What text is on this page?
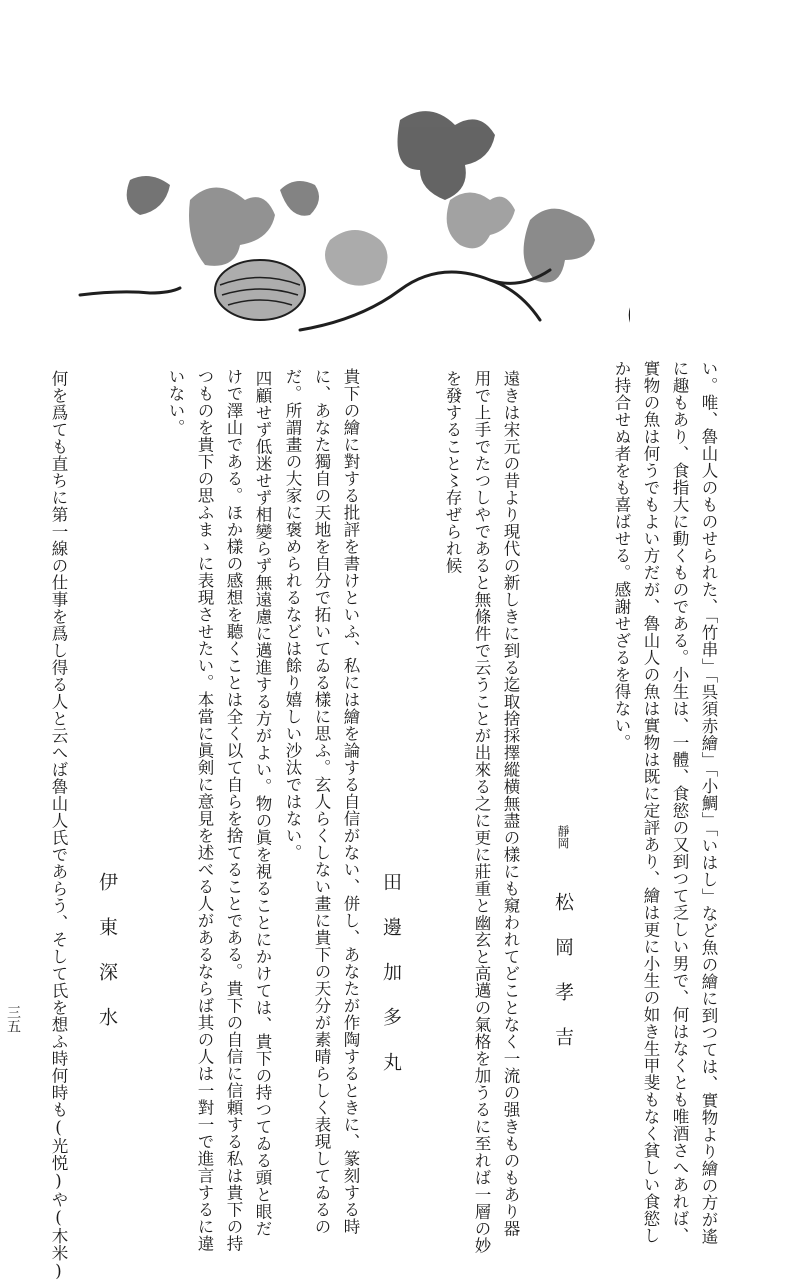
い。唯、魯山人のものせられた、「竹串」「呉須赤繪」「小鯛」「いはし」など魚の繪に到つては、實物より繪の方が遙
に趣もあり、食指大に動くものである。小生は、一體、食慾の又到つて乏しい男で、何はなくとも唯酒さへあれば、
實物の魚は何うでもよい方だが、魯山人の魚は實物は既に定評あり、繪は更に小生の如き生甲斐もなく貧しい食慾し
か持合せぬ者をも喜ばせる。感謝せざるを得ない。
靜岡 松岡孝吉
遠きは宋元の昔より現代の新しきに到る迄取捨採擇縱横無盡の樣にも窺われてどことなく一流の强きものもあり器
用で上手でたつしやであると無條件で云うことが出來る之に更に莊重と幽玄と高邁の氣格を加うるに至れば一層の妙
を發すること〻存ぜられ候
田邊加多丸
貴下の繪に對する批評を書けといふ、私には繪を論する自信がない、併し、あなたが作陶するときに、篆刻する時
に、あなた獨自の天地を自分で拓いてゐる樣に思ふ。玄人らくしない畫に貴下の天分が素晴らしく表現してゐるの
だ。所謂畫の大家に褒められるなどは餘り嬉しい沙汰ではない。
四顧せず低迷せず相變らず無遠慮に邁進する方がよい。物の眞を視ることにかけては、貴下の持つてゐる頭と眼だ
けで澤山である。ほか樣の感想を聽くことは全く以て自らを捨てることである。貴下の自信に信頼する私は貴下の持
つものを貴下の思ふまゝに表現させたい。本當に眞剣に意見を述べる人があるならば其の人は一對一で進言するに違
いない。
伊東深水
何を爲ても直ちに第一線の仕事を爲し得る人と云へば魯山人氏であらう、そして氏を想ふ時何時も(光悦)や(木米)
三五
